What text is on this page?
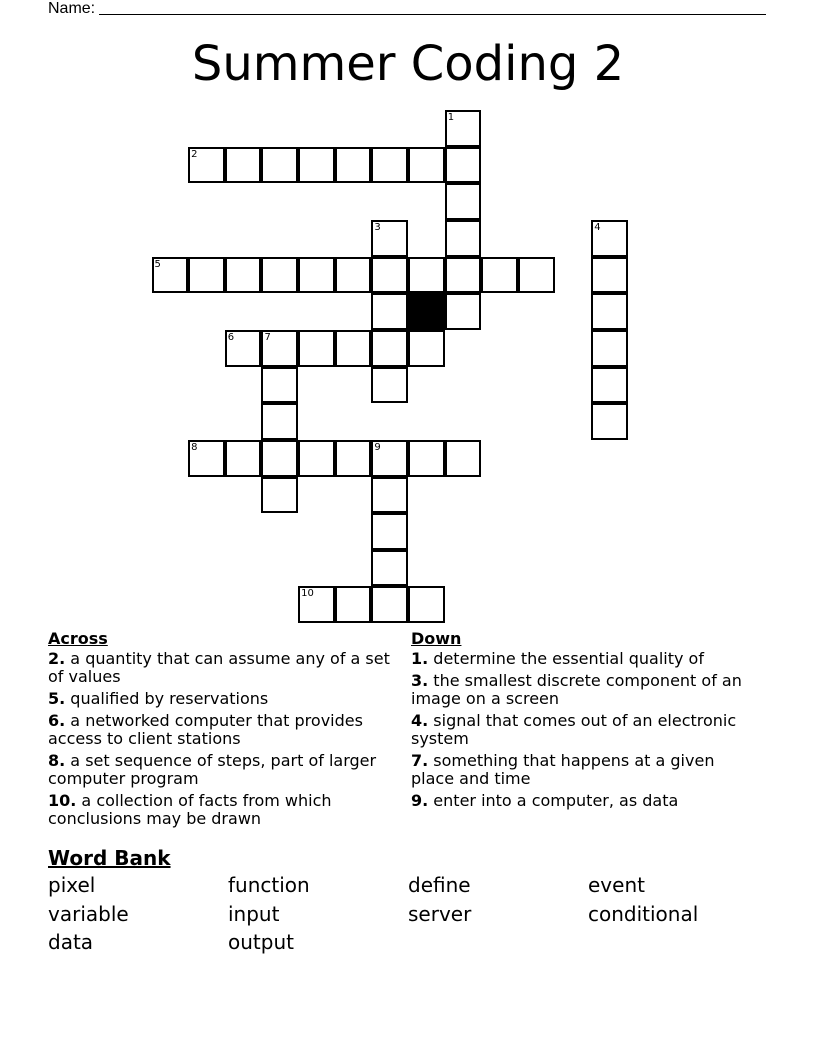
Name:
Summer Coding 2
1
2
3	4
5
6	7
8	9
10
Across
2. a quantity that can assume any of a set of values
5. qualified by reservations
6. a networked computer that provides access to client stations
8. a set sequence of steps, part of larger computer program
10. a collection of facts from which conclusions may be drawn
Down
1. determine the essential quality of
3. the smallest discrete component of an image on a screen
4. signal that comes out of an electronic system
7. something that happens at a given place and time
9. enter into a computer, as data
Word Bank
pixel	function	define	event
variable	input	server	conditional
data	output
